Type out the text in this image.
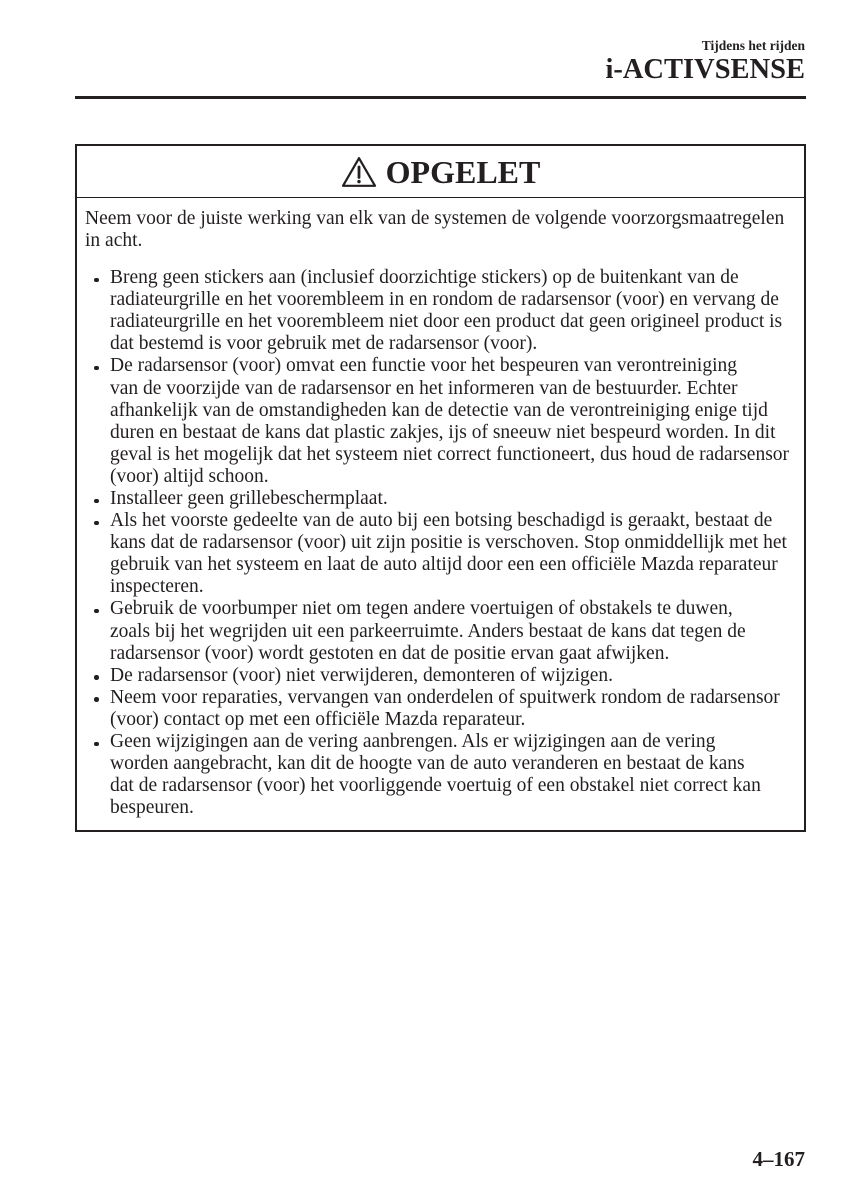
Tijdens het rijden
i-ACTIVSENSE
OPGELET

Neem voor de juiste werking van elk van de systemen de volgende voorzorgsmaatregelen
in acht.

Breng geen stickers aan (inclusief doorzichtige stickers) op de buitenkant van de
radiateurgrille en het voorembleem in en rondom de radarsensor (voor) en vervang de
radiateurgrille en het voorembleem niet door een product dat geen origineel product is
dat bestemd is voor gebruik met de radarsensor (voor).
De radarsensor (voor) omvat een functie voor het bespeuren van verontreiniging
van de voorzijde van de radarsensor en het informeren van de bestuurder. Echter
afhankelijk van de omstandigheden kan de detectie van de verontreiniging enige tijd
duren en bestaat de kans dat plastic zakjes, ijs of sneeuw niet bespeurd worden. In dit
geval is het mogelijk dat het systeem niet correct functioneert, dus houd de radarsensor
(voor) altijd schoon.
Installeer geen grillebeschermplaat.
Als het voorste gedeelte van de auto bij een botsing beschadigd is geraakt, bestaat de
kans dat de radarsensor (voor) uit zijn positie is verschoven. Stop onmiddellijk met het
gebruik van het systeem en laat de auto altijd door een een officiële Mazda reparateur
inspecteren.
Gebruik de voorbumper niet om tegen andere voertuigen of obstakels te duwen,
zoals bij het wegrijden uit een parkeerruimte. Anders bestaat de kans dat tegen de
radarsensor (voor) wordt gestoten en dat de positie ervan gaat afwijken.
De radarsensor (voor) niet verwijderen, demonteren of wijzigen.
Neem voor reparaties, vervangen van onderdelen of spuitwerk rondom de radarsensor
(voor) contact op met een officiële Mazda reparateur.
Geen wijzigingen aan de vering aanbrengen. Als er wijzigingen aan de vering
worden aangebracht, kan dit de hoogte van de auto veranderen en bestaat de kans
dat de radarsensor (voor) het voorliggende voertuig of een obstakel niet correct kan
bespeuren.
4–167
